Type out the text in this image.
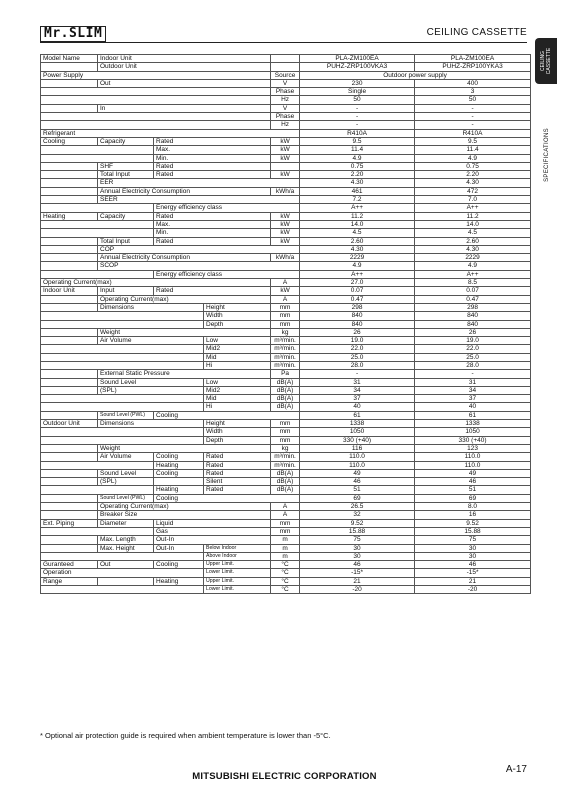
Mr.SLIM	CEILING CASSETTE
CEILING
CASSETTE
SPECIFICATIONS
Model Name	Indoor Unit				PLA-ZM100EA	PLA-ZM100EA
	Outdoor Unit				PUHZ-ZRP100VKA3	PUHZ-ZRP100YKA3
Power Supply				Source	Outdoor power supply	
	Out			V	230	400
				Phase	Single	3
				Hz	50	50
	In			V	-	-
				Phase	-	-
				Hz	-	-
Refrigerant					R410A	R410A
Cooling	Capacity	Rated		kW	9.5	9.5
		Max.		kW	11.4	11.4
		Min.		kW	4.9	4.9
	SHF	Rated			0.75	0.75
	Total Input	Rated		kW	2.20	2.20
	EER				4.30	4.30
	Annual Electricity Consumption			kWh/a	461	472
	SEER				7.2	7.0
		Energy efficiency class			A++	A++
Heating	Capacity	Rated		kW	11.2	11.2
		Max.		kW	14.0	14.0
		Min.		kW	4.5	4.5
	Total Input	Rated		kW	2.60	2.60
	COP				4.30	4.30
	Annual Electricity Consumption			kWh/a	2229	2229
	SCOP				4.9	4.9
		Energy efficiency class			A++	A++
Operating Current(max)				A	27.0	8.5
Indoor Unit	Input	Rated		kW	0.07	0.07
	Operating Current(max)			A	0.47	0.47
	Dimensions		Height	mm	298	298
			Width	mm	840	840
			Depth	mm	840	840
	Weight			kg	26	26
	Air Volume		Low	m³/min.	19.0	19.0
			Mid2	m³/min.	22.0	22.0
			Mid	m³/min.	25.0	25.0
			Hi	m³/min.	28.0	28.0
	External Static Pressure			Pa	-	-
	Sound Level		Low	dB(A)	31	31
	(SPL)		Mid2	dB(A)	34	34
			Mid	dB(A)	37	37
			Hi	dB(A)	40	40
	Sound Level (PWL)	Cooling			61	61
Outdoor Unit	Dimensions		Height	mm	1338	1338
			Width	mm	1050	1050
			Depth	mm	330 (+40)	330 (+40)
	Weight			kg	116	123
	Air Volume	Cooling	Rated	m³/min.	110.0	110.0
		Heating	Rated	m³/min.	110.0	110.0
	Sound Level	Cooling	Rated	dB(A)	49	49
	(SPL)		Silent	dB(A)	46	46
		Heating	Rated	dB(A)	51	51
	Sound Level (PWL)	Cooling			69	69
	Operating Current(max)			A	26.5	8.0
	Breaker Size			A	32	16
Ext. Piping	Diameter	Liquid		mm	9.52	9.52
		Gas		mm	15.88	15.88
	Max. Length	Out-In		m	75	75
	Max. Height	Out-In	Below Indoor	m	30	30
			Above Indoor	m	30	30
Guranteed	Out	Cooling	Upper Limit.	°C	46	46
Operation			Lower Limit.	°C	-15*	-15*
Range		Heating	Upper Limit.	°C	21	21
			Lower Limit.	°C	-20	-20
* Optional air protection guide is required when ambient temperature is lower than -5°C.
MITSUBISHI ELECTRIC CORPORATION
A-17
